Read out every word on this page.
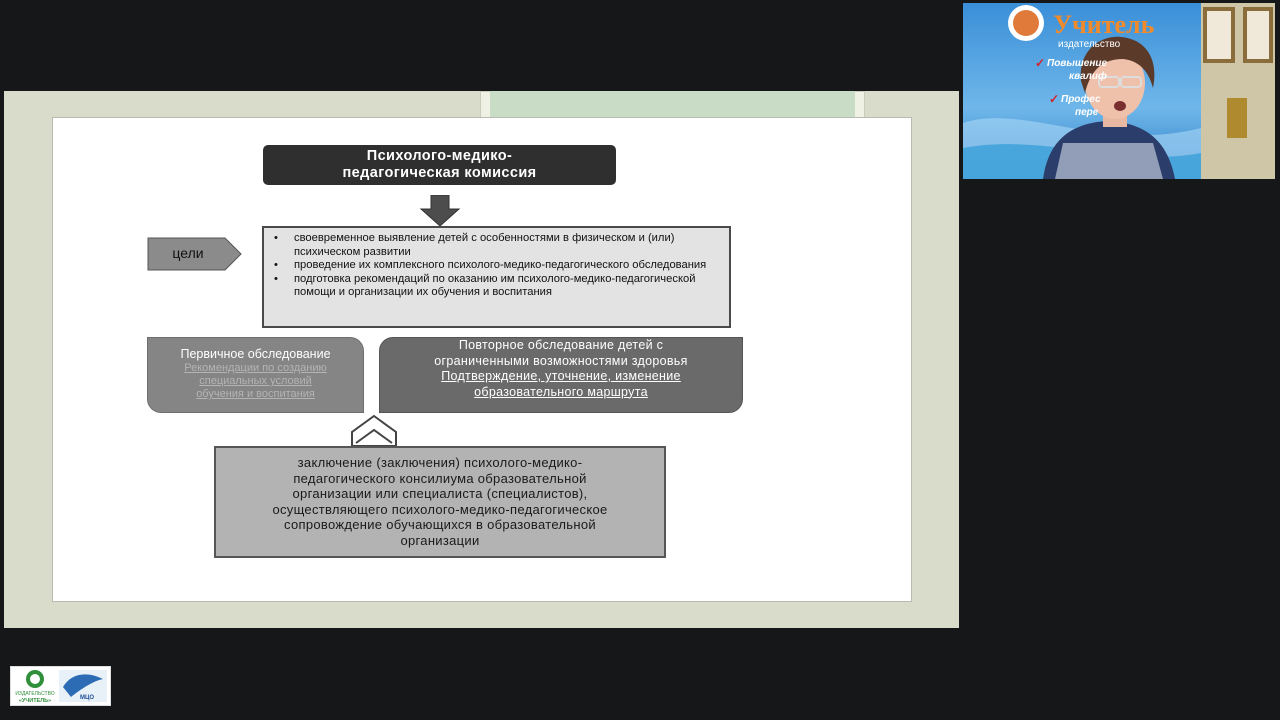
Психолого-медико-
педагогическая комиссия
цели
• своевременное выявление детей с особенностями в физическом и (или) психическом развитии
• проведение их комплексного психолого-медико-педагогического обследования
• подготовка рекомендаций по оказанию им психолого-медико-педагогической помощи и организации их обучения и воспитания
Первичное обследование
Рекомендации по созданию
специальных условий
обучения и воспитания
Повторное обследование детей с
ограниченными возможностями здоровья
Подтверждение, уточнение, изменение
образовательного маршрута
заключение (заключения) психолого-медико-
педагогического консилиума образовательной
организации или специалиста (специалистов),
осуществляющего психолого-медико-педагогическое
сопровождение обучающихся в образовательной
организации
Учитель
издательство
✓ Повышение
квалиф
✓ Профес
пере
ИЗДАТЕЛЬСТВО
«УЧИТЕЛЬ»	МЦО
